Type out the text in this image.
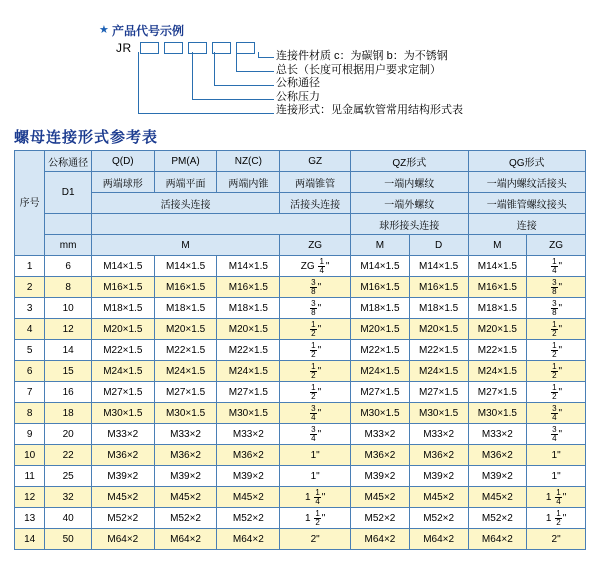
★ 产品代号示例
JR
连接件材质 c：为碳钢 b：为不锈钢
总长（长度可根据用户要求定制）
公称通径
公称压力
连接形式：见金属软管常用结构形式表
螺母连接形式参考表
序号	公称通径	Q(D)	PM(A)	NZ(C)	GZ	QZ形式		QG形式	
	D1	两端球形	两端平面	两端内锥	两端锥管	一端内螺纹		一端内螺纹活接头	
		活接头连接			活接头连接	一端外螺纹		一端锥管螺纹接头	
						球形接头连接		连接	
	mm	M			ZG	M	D	M	ZG
1	6	M14×1.5	M14×1.5	M14×1.5	ZG $\frac{1}{4}$ "	M14×1.5	M14×1.5	M14×1.5	$\frac{1}{4}$ "
2	8	M16×1.5	M16×1.5	M16×1.5	$\frac{3}{8}$ "	M16×1.5	M16×1.5	M16×1.5	$\frac{3}{8}$ "
3	10	M18×1.5	M18×1.5	M18×1.5	$\frac{3}{8}$ "	M18×1.5	M18×1.5	M18×1.5	$\frac{3}{8}$ "
4	12	M20×1.5	M20×1.5	M20×1.5	$\frac{1}{2}$ "	M20×1.5	M20×1.5	M20×1.5	$\frac{1}{2}$ "
5	14	M22×1.5	M22×1.5	M22×1.5	$\frac{1}{2}$ "	M22×1.5	M22×1.5	M22×1.5	$\frac{1}{2}$ "
6	15	M24×1.5	M24×1.5	M24×1.5	$\frac{1}{2}$ "	M24×1.5	M24×1.5	M24×1.5	$\frac{1}{2}$ "
7	16	M27×1.5	M27×1.5	M27×1.5	$\frac{1}{2}$ "	M27×1.5	M27×1.5	M27×1.5	$\frac{1}{2}$ "
8	18	M30×1.5	M30×1.5	M30×1.5	$\frac{3}{4}$ "	M30×1.5	M30×1.5	M30×1.5	$\frac{3}{4}$ "
9	20	M33×2	M33×2	M33×2	$\frac{3}{4}$ "	M33×2	M33×2	M33×2	$\frac{3}{4}$ "
10	22	M36×2	M36×2	M36×2	1"	M36×2	M36×2	M36×2	1"
11	25	M39×2	M39×2	M39×2	1"	M39×2	M39×2	M39×2	1"
12	32	M45×2	M45×2	M45×2	$1 \frac{1}{4}$ "	M45×2	M45×2	M45×2	$1 \frac{1}{4}$ "
13	40	M52×2	M52×2	M52×2	$1 \frac{1}{2}$ "	M52×2	M52×2	M52×2	$1 \frac{1}{2}$ "
14	50	M64×2	M64×2	M64×2	2"	M64×2	M64×2	M64×2	2"
